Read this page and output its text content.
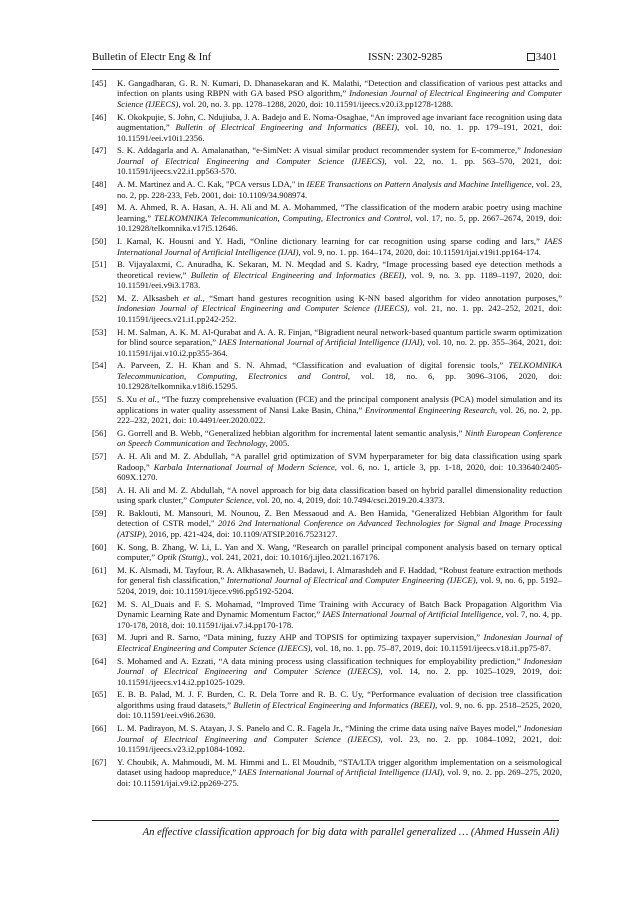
Bulletin of Electr Eng & Inf	ISSN: 2302-9285	3401
[45] K. Gangadharan, G. R. N. Kumari, D. Dhanasekaran and K. Malathi, “Detection and classification of various pest attacks and infection on plants using RBPN with GA based PSO algorithm,” Indonesian Journal of Electrical Engineering and Computer Science (IJEECS), vol. 20, no. 3. pp. 1278–1288, 2020, doi: 10.11591/ijeecs.v20.i3.pp1278-1288.
[46] K. Okokpujie, S. John, C. Ndujiuba, J. A. Badejo and E. Noma-Osaghae, “An improved age invariant face recognition using data augmentation,” Bulletin of Electrical Engineering and Informatics (BEEI), vol. 10, no. 1. pp. 179–191, 2021, doi: 10.11591/eei.v10i1.2356.
[47] S. K. Addagarla and A. Amalanathan, “e-SimNet: A visual similar product recommender system for E-commerce,” Indonesian Journal of Electrical Engineering and Computer Science (IJEECS), vol. 22, no. 1. pp. 563–570, 2021, doi: 10.11591/ijeecs.v22.i1.pp563-570.
[48] A. M. Martinez and A. C. Kak, "PCA versus LDA," in IEEE Transactions on Pattern Analysis and Machine Intelligence, vol. 23, no. 2, pp. 228-233, Feb. 2001, doi: 10.1109/34.908974.
[49] M. A. Ahmed, R. A. Hasan, A. H. Ali and M. A. Mohammed, “The classification of the modern arabic poetry using machine learning,” TELKOMNIKA Telecommunication, Computing, Electronics and Control, vol. 17, no. 5, pp. 2667–2674, 2019, doi: 10.12928/telkomnika.v17i5.12646.
[50] I. Kamal, K. Housni and Y. Hadi, “Online dictionary learning for car recognition using sparse coding and lars,” IAES International Journal of Artificial Intelligence (IJAI), vol. 9, no. 1. pp. 164–174, 2020, doi: 10.11591/ijai.v19i1.pp164-174.
[51] B. Vijayalaxmi, C. Anuradha, K. Sekaran, M. N. Meqdad and S. Kadry, “Image processing based eye detection methods a theoretical review,” Bulletin of Electrical Engineering and Informatics (BEEI), vol. 9, no. 3. pp. 1189–1197, 2020, doi: 10.11591/eei.v9i3.1783.
[52] M. Z. Alksasbeh et al., “Smart hand gestures recognition using K-NN based algorithm for video annotation purposes,” Indonesian Journal of Electrical Engineering and Computer Science (IJEECS), vol. 21, no. 1. pp. 242–252, 2021, doi: 10.11591/ijeecs.v21.i1.pp242-252.
[53] H. M. Salman, A. K. M. Al-Qurabat and A. A. R. Finjan, “Bigradient neural network-based quantum particle swarm optimization for blind source separation,” IAES International Journal of Artificial Intelligence (IJAI), vol. 10, no. 2. pp. 355–364, 2021, doi: 10.11591/ijai.v10.i2.pp355-364.
[54] A. Parveen, Z. H. Khan and S. N. Ahmad, “Classification and evaluation of digital forensic tools,” TELKOMNIKA Telecommunication, Computing, Electronics and Control, vol. 18, no. 6, pp. 3096–3106, 2020, doi: 10.12928/telkomnika.v18i6.15295.
[55] S. Xu et al., “The fuzzy comprehensive evaluation (FCE) and the principal component analysis (PCA) model simulation and its applications in water quality assessment of Nansi Lake Basin, China,” Environmental Engineering Research, vol. 26, no. 2, pp. 222–232, 2021, doi: 10.4491/eer.2020.022.
[56] G. Gorrell and B. Webb, “Generalized hebbian algorithm for incremental latent semantic analysis,” Ninth European Conference on Speech Communication and Technology, 2005.
[57] A. H. Ali and M. Z. Abdullah, “A parallel grid optimization of SVM hyperparameter for big data classification using spark Radoop,” Karbala International Journal of Modern Science, vol. 6, no. 1, article 3, pp. 1-18, 2020, doi: 10.33640/2405-609X.1270.
[58] A. H. Ali and M. Z. Abdullah, “A novel approach for big data classification based on hybrid parallel dimensionality reduction using spark cluster,” Computer Science, vol. 20, no. 4, 2019, doi: 10.7494/csci.2019.20.4.3373.
[59] R. Baklouti, M. Mansouri, M. Nounou, Z. Ben Messaoud and A. Ben Hamida, "Generalized Hebbian Algorithm for fault detection of CSTR model," 2016 2nd International Conference on Advanced Technologies for Signal and Image Processing (ATSIP), 2016, pp. 421-424, doi: 10.1109/ATSIP.2016.7523127.
[60] K. Song, B. Zhang, W. Li, L. Yan and X. Wang, “Research on parallel principal component analysis based on ternary optical computer,” Optik (Stuttg)., vol. 241, 2021, doi: 10.1016/j.ijleo.2021.167176.
[61] M. K. Alsmadi, M. Tayfour, R. A. Alkhasawneh, U. Badawi, I. Almarashdeh and F. Haddad, “Robust feature extraction methods for general fish classification,” International Journal of Electrical and Computer Engineering (IJECE), vol. 9, no. 6, pp. 5192–5204, 2019, doi: 10.11591/ijece.v9i6.pp5192-5204.
[62] M. S. Al_Duais and F. S. Mohamad, “Improved Time Training with Accuracy of Batch Back Propagation Algorithm Via Dynamic Learning Rate and Dynamic Momentum Factor,” IAES International Journal of Artificial Intelligence, vol. 7, no. 4, pp. 170-178, 2018, doi: 10.11591/ijai.v7.i4.pp170-178.
[63] M. Jupri and R. Sarno, “Data mining, fuzzy AHP and TOPSIS for optimizing taxpayer supervision,” Indonesian Journal of Electrical Engineering and Computer Science (IJEECS), vol. 18, no. 1. pp. 75–87, 2019, doi: 10.11591/ijeecs.v18.i1.pp75-87.
[64] S. Mohamed and A. Ezzati, “A data mining process using classification techniques for employability prediction,” Indonesian Journal of Electrical Engineering and Computer Science (IJEECS), vol. 14, no. 2. pp. 1025–1029, 2019, doi: 10.11591/ijeecs.v14.i2.pp1025-1029.
[65] E. B. B. Palad, M. J. F. Burden, C. R. Dela Torre and R. B. C. Uy, “Performance evaluation of decision tree classification algorithms using fraud datasets,” Bulletin of Electrical Engineering and Informatics (BEEI), vol. 9, no. 6. pp. 2518–2525, 2020, doi: 10.11591/eei.v9i6.2630.
[66] L. M. Padirayon, M. S. Atayan, J. S. Panelo and C. R. Fagela Jr., “Mining the crime data using naïve Bayes model,” Indonesian Journal of Electrical Engineering and Computer Science (IJEECS), vol. 23, no. 2. pp. 1084–1092, 2021, doi: 10.11591/ijeecs.v23.i2.pp1084-1092.
[67] Y. Choubik, A. Mahmoudi, M. M. Himmi and L. El Moudnib, “STA/LTA trigger algorithm implementation on a seismological dataset using hadoop mapreduce,” IAES International Journal of Artificial Intelligence (IJAI), vol. 9, no. 2. pp. 269–275, 2020, doi: 10.11591/ijai.v9.i2.pp269-275.
An effective classification approach for big data with parallel generalized … (Ahmed Hussein Ali)
